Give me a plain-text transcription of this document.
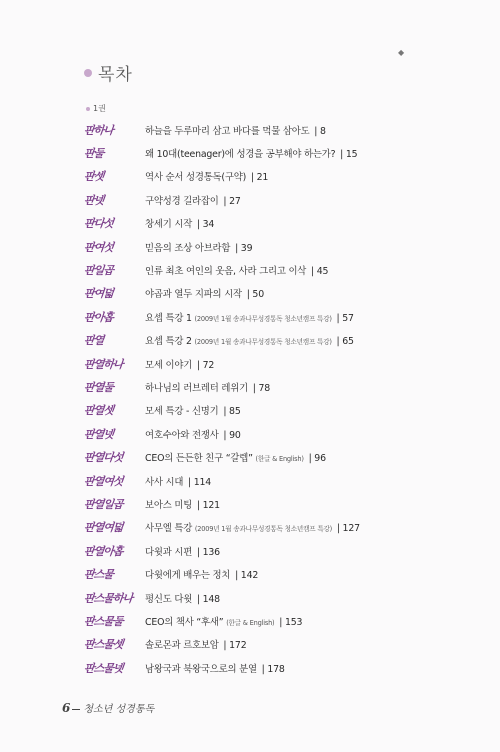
◆
목차
1권
판하나	하늘을 두루마리 삼고 바다를 먹물 삼아도 | 8
판둘	왜 10대(teenager)에 성경을 공부해야 하는가? | 15
판셋	역사 순서 성경통독(구약) | 21
판넷	구약성경 길라잡이 | 27
판다섯	창세기 시작 | 34
판여섯	믿음의 조상 아브라함 | 39
판일곱	인류 최초 여인의 웃음, 사라 그리고 이삭 | 45
판여덟	야곱과 열두 지파의 시작 | 50
판아홉	요셉 특강 1 (2009년 1월 송과나무성경통독 청소년캠프 특강) | 57
판열	요셉 특강 2 (2009년 1월 송과나무성경통독 청소년캠프 특강) | 65
판열하나	모세 이야기 | 72
판열둘	하나님의 러브레터 레위기 | 78
판열셋	모세 특강 - 신명기 | 85
판열넷	여호수아와 전쟁사 | 90
판열다섯	CEO의 든든한 친구 “갈렙” (한글 & English) | 96
판열여섯	사사 시대 | 114
판열일곱	보아스 미팅 | 121
판열여덟	사무엘 특강 (2009년 1월 송과나무성경통독 청소년캠프 특강) | 127
판열아홉	다윗과 시편 | 136
판스물	다윗에게 배우는 정치 | 142
판스물하나	평신도 다윗 | 148
판스물둘	CEO의 책사 “후새” (한글 & English) | 153
판스물셋	솔로몬과 르호보암 | 172
판스물넷	남왕국과 북왕국으로의 분열 | 178
6 청소년 성경통독
